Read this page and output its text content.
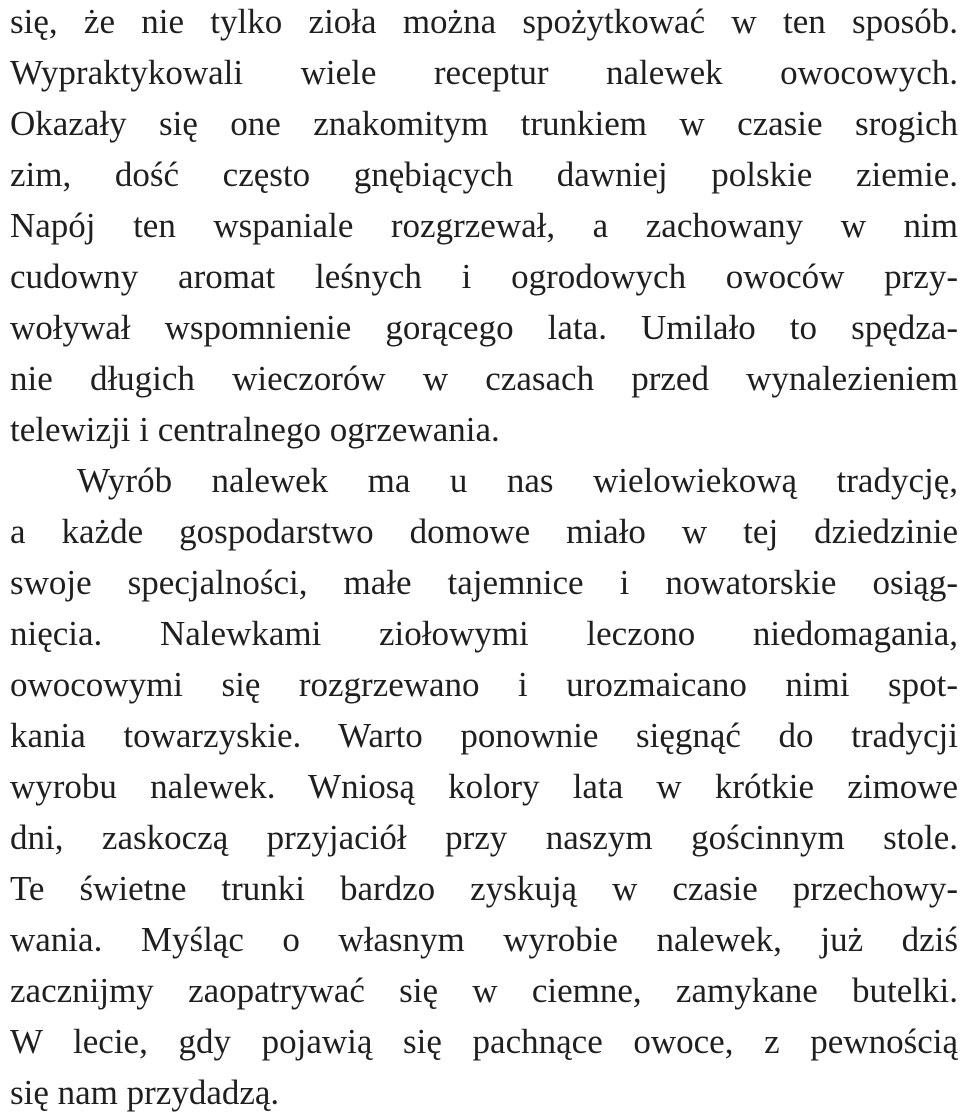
się, że nie tylko zioła można spożytkować w ten sposób.
Wypraktykowali wiele receptur nalewek owocowych.
Okazały się one znakomitym trunkiem w czasie srogich
zim, dość często gnębiących dawniej polskie ziemie.
Napój ten wspaniale rozgrzewał, a zachowany w nim
cudowny aromat leśnych i ogrodowych owoców przy-
woływał wspomnienie gorącego lata. Umilało to spędza-
nie długich wieczorów w czasach przed wynalezieniem
telewizji i centralnego ogrzewania.
Wyrób nalewek ma u nas wielowiekową tradycję,
a każde gospodarstwo domowe miało w tej dziedzinie
swoje specjalności, małe tajemnice i nowatorskie osiąg-
nięcia. Nalewkami ziołowymi leczono niedomagania,
owocowymi się rozgrzewano i urozmaicano nimi spot-
kania towarzyskie. Warto ponownie sięgnąć do tradycji
wyrobu nalewek. Wniosą kolory lata w krótkie zimowe
dni, zaskoczą przyjaciół przy naszym gościnnym stole.
Te świetne trunki bardzo zyskują w czasie przechowy-
wania. Myśląc o własnym wyrobie nalewek, już dziś
zacznijmy zaopatrywać się w ciemne, zamykane butelki.
W lecie, gdy pojawią się pachnące owoce, z pewnością
się nam przydadzą.
